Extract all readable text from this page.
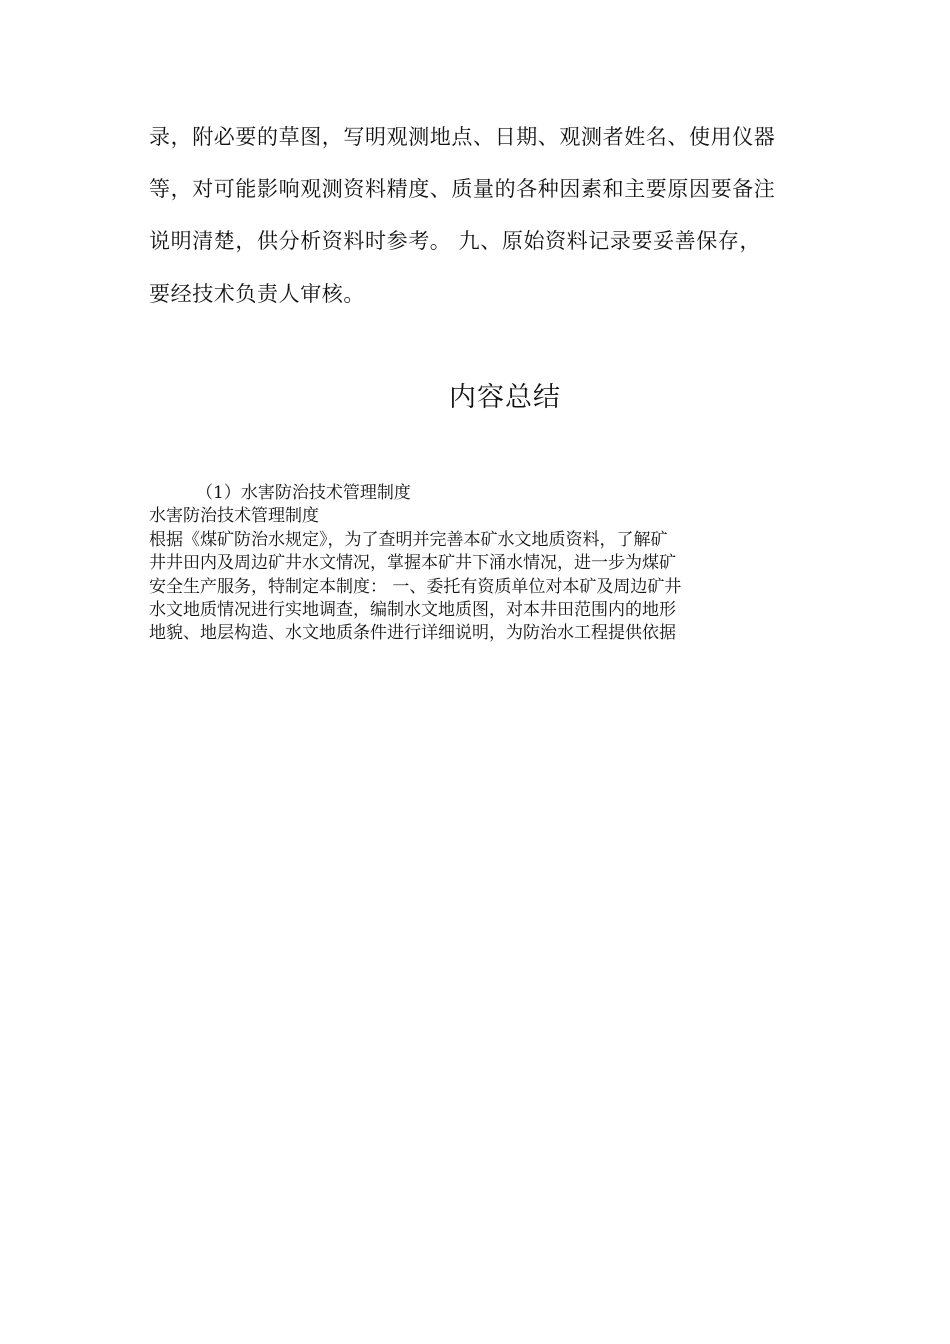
录，附必要的草图，写明观测地点、日期、观测者姓名、使用仪器
等，对可能影响观测资料精度、质量的各种因素和主要原因要备注
说明清楚，供分析资料时参考。 九、原始资料记录要妥善保存，
要经技术负责人审核。
内容总结
（1）水害防治技术管理制度
水害防治技术管理制度
根据《煤矿防治水规定》，为了查明并完善本矿水文地质资料，了解矿
井井田内及周边矿井水文情况，掌握本矿井下涌水情况，进一步为煤矿
安全生产服务，特制定本制度： 一、委托有资质单位对本矿及周边矿井
水文地质情况进行实地调查，编制水文地质图，对本井田范围内的地形
地貌、地层构造、水文地质条件进行详细说明，为防治水工程提供依据
